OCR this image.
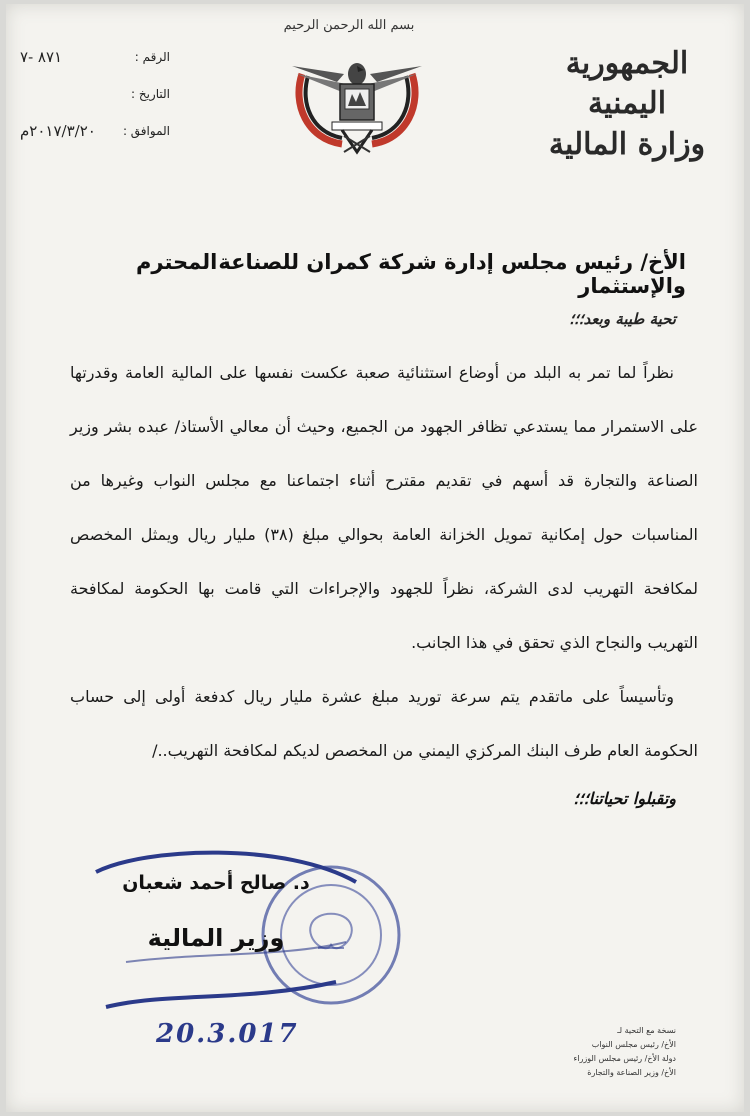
الرقم :
٨٧١ -٧
التاريخ :
الموافق :
٢٠١٧/٣/٢٠م
بسم الله الرحمن الرحيم
الجمهورية اليمنية
وزارة المالية
الأخ/ رئيس مجلس إدارة شركة كمران للصناعة والإستثمار
المحترم
تحية طيبة وبعد؛؛؛

نظراً لما تمر به البلد من أوضاع استثنائية صعبة عكست نفسها على المالية العامة وقدرتها على الاستمرار مما يستدعي تظافر الجهود من الجميع، وحيث أن معالي الأستاذ/ عبده بشر وزير الصناعة والتجارة قد أسهم في تقديم مقترح أثناء اجتماعنا مع مجلس النواب وغيرها من المناسبات حول إمكانية تمويل الخزانة العامة بحوالي مبلغ (٣٨) مليار ريال ويمثل المخصص لمكافحة التهريب لدى الشركة، نظراً للجهود والإجراءات التي قامت بها الحكومة لمكافحة التهريب والنجاح الذي تحقق في هذا الجانب.

وتأسيساً على ماتقدم يتم سرعة توريد مبلغ عشرة مليار ريال كدفعة أولى إلى حساب الحكومة العام طرف البنك المركزي اليمني من المخصص لديكم لمكافحة التهريب../

وتقبلوا تحياتنا؛؛؛
د. صالح أحمد شعبان
وزير المالية
20.3.017	نسخة مع التحية لـ
الأخ/ رئيس مجلس النواب
دولة الأخ/ رئيس مجلس الوزراء
الأخ/ وزير الصناعة والتجارة
